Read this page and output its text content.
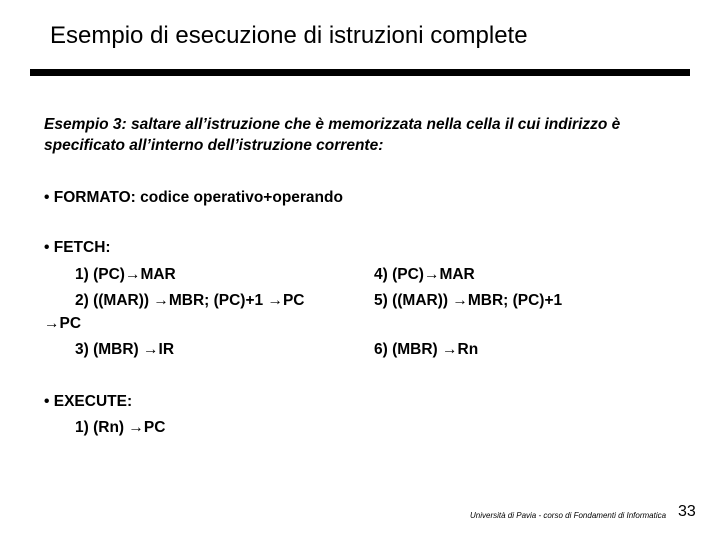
Esempio di esecuzione di istruzioni complete
Esempio 3: saltare all’istruzione che è memorizzata nella cella il cui indirizzo è specificato all’interno dell’istruzione corrente:
• FORMATO: codice operativo+operando
• FETCH:
1) (PC)→MAR
2) ((MAR)) →MBR; (PC)+1 →PC
→PC
3) (MBR) →IR
4) (PC)→MAR
5) ((MAR)) →MBR; (PC)+1
6) (MBR) →Rn
• EXECUTE:
1) (Rn) →PC
Università di Pavia - corso di Fondamenti di Informatica 33
